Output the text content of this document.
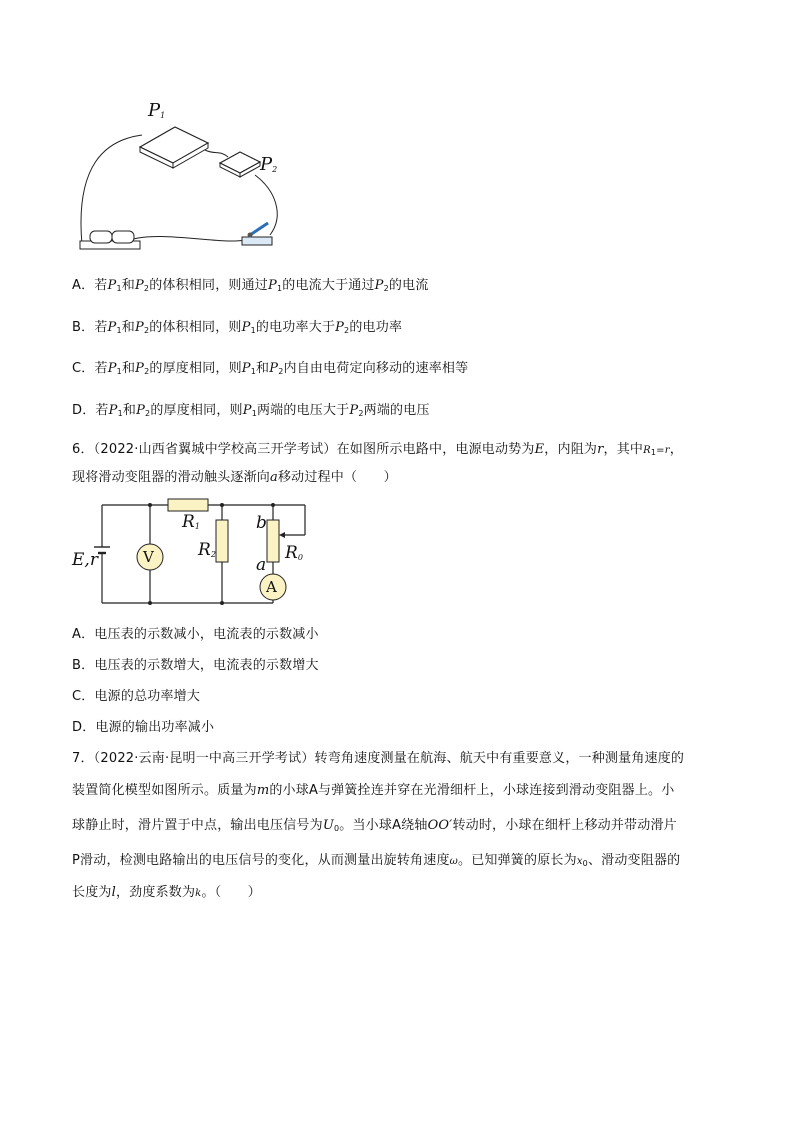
$P_1$
$P_2$
A．若$P_1$和$P_2$的体积相同，则通过$P_1$的电流大于通过$P_2$的电流
B．若$P_1$和$P_2$的体积相同，则$P_1$的电功率大于$P_2$的电功率
C．若$P_1$和$P_2$的厚度相同，则$P_1$和$P_2$内自由电荷定向移动的速率相等
D．若$P_1$和$P_2$的厚度相同，则$P_1$两端的电压大于$P_2$两端的电压
6．（2022·山西省翼城中学校高三开学考试）在如图所示电路中，电源电动势为E，内阻为r，其中$R_1=r$，
现将滑动变阻器的滑动触头逐渐向a移动过程中（　　）
E,r
$R_1$
$R_2$	$R_0$
b
a
V
A
A．电压表的示数减小，电流表的示数减小
B．电压表的示数增大，电流表的示数增大
C．电源的总功率增大
D．电源的输出功率减小
7．（2022·云南·昆明一中高三开学考试）转弯角速度测量在航海、航天中有重要意义，一种测量角速度的
装置简化模型如图所示。质量为m的小球A与弹簧拴连并穿在光滑细杆上，小球连接到滑动变阻器上。小
球静止时，滑片置于中点，输出电压信号为$U_0$。当小球A绕轴OO′转动时，小球在细杆上移动并带动滑片
P滑动，检测电路输出的电压信号的变化，从而测量出旋转角速度ω。已知弹簧的原长为$x_0$、滑动变阻器的
长度为l，劲度系数为k。（　　）
